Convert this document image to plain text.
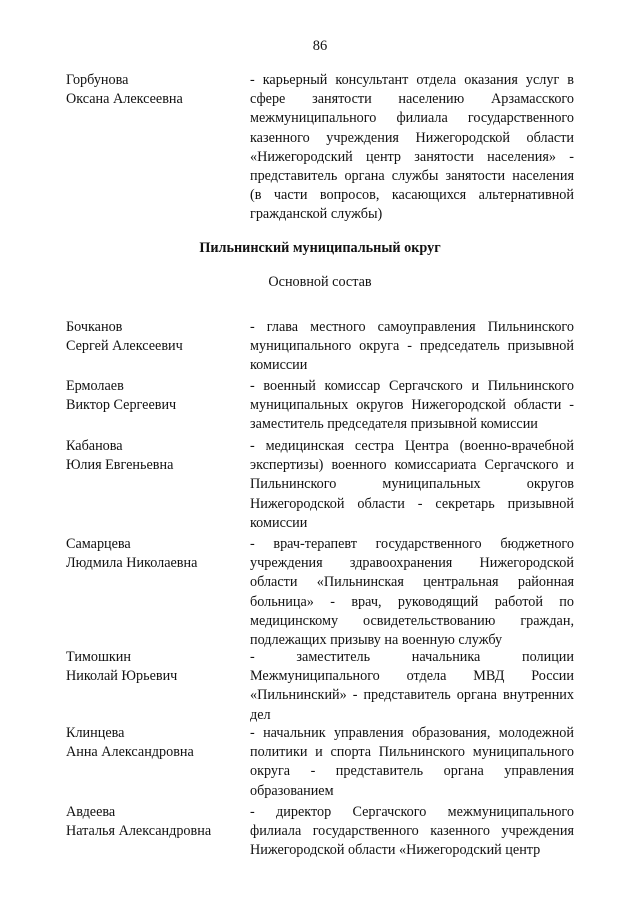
86
Горбунова
Оксана Алексеевна
- карьерный консультант отдела оказания услуг в сфере занятости населению Арзамасского межмуниципального филиала государственного казенного учреждения Нижегородской области «Нижегородский центр занятости населения» - представитель органа службы занятости населения (в части вопросов, касающихся альтернативной гражданской службы)
Пильнинский муниципальный округ
Основной состав
Бочканов
Сергей Алексеевич
- глава местного самоуправления Пильнинского муниципального округа - председатель призывной комиссии
Ермолаев
Виктор Сергеевич
- военный комиссар Сергачского и Пильнинского муниципальных округов Нижегородской области - заместитель председателя призывной комиссии
Кабанова
Юлия Евгеньевна
- медицинская сестра Центра (военно-врачебной экспертизы) военного комиссариата Сергачского и Пильнинского муниципальных округов Нижегородской области - секретарь призывной комиссии
Самарцева
Людмила Николаевна
- врач-терапевт государственного бюджетного учреждения здравоохранения Нижегородской области «Пильнинская центральная районная больница» - врач, руководящий работой по медицинскому освидетельствованию граждан, подлежащих призыву на военную службу
Тимошкин
Николай Юрьевич
- заместитель начальника полиции Межмуниципального отдела МВД России «Пильнинский» - представитель органа внутренних дел
Клинцева
Анна Александровна
- начальник управления образования, молодежной политики и спорта Пильнинского муниципального округа - представитель органа управления образованием
Авдеева
Наталья Александровна
- директор Сергачского межмуниципального филиала государственного казенного учреждения Нижегородской области «Нижегородский центр
